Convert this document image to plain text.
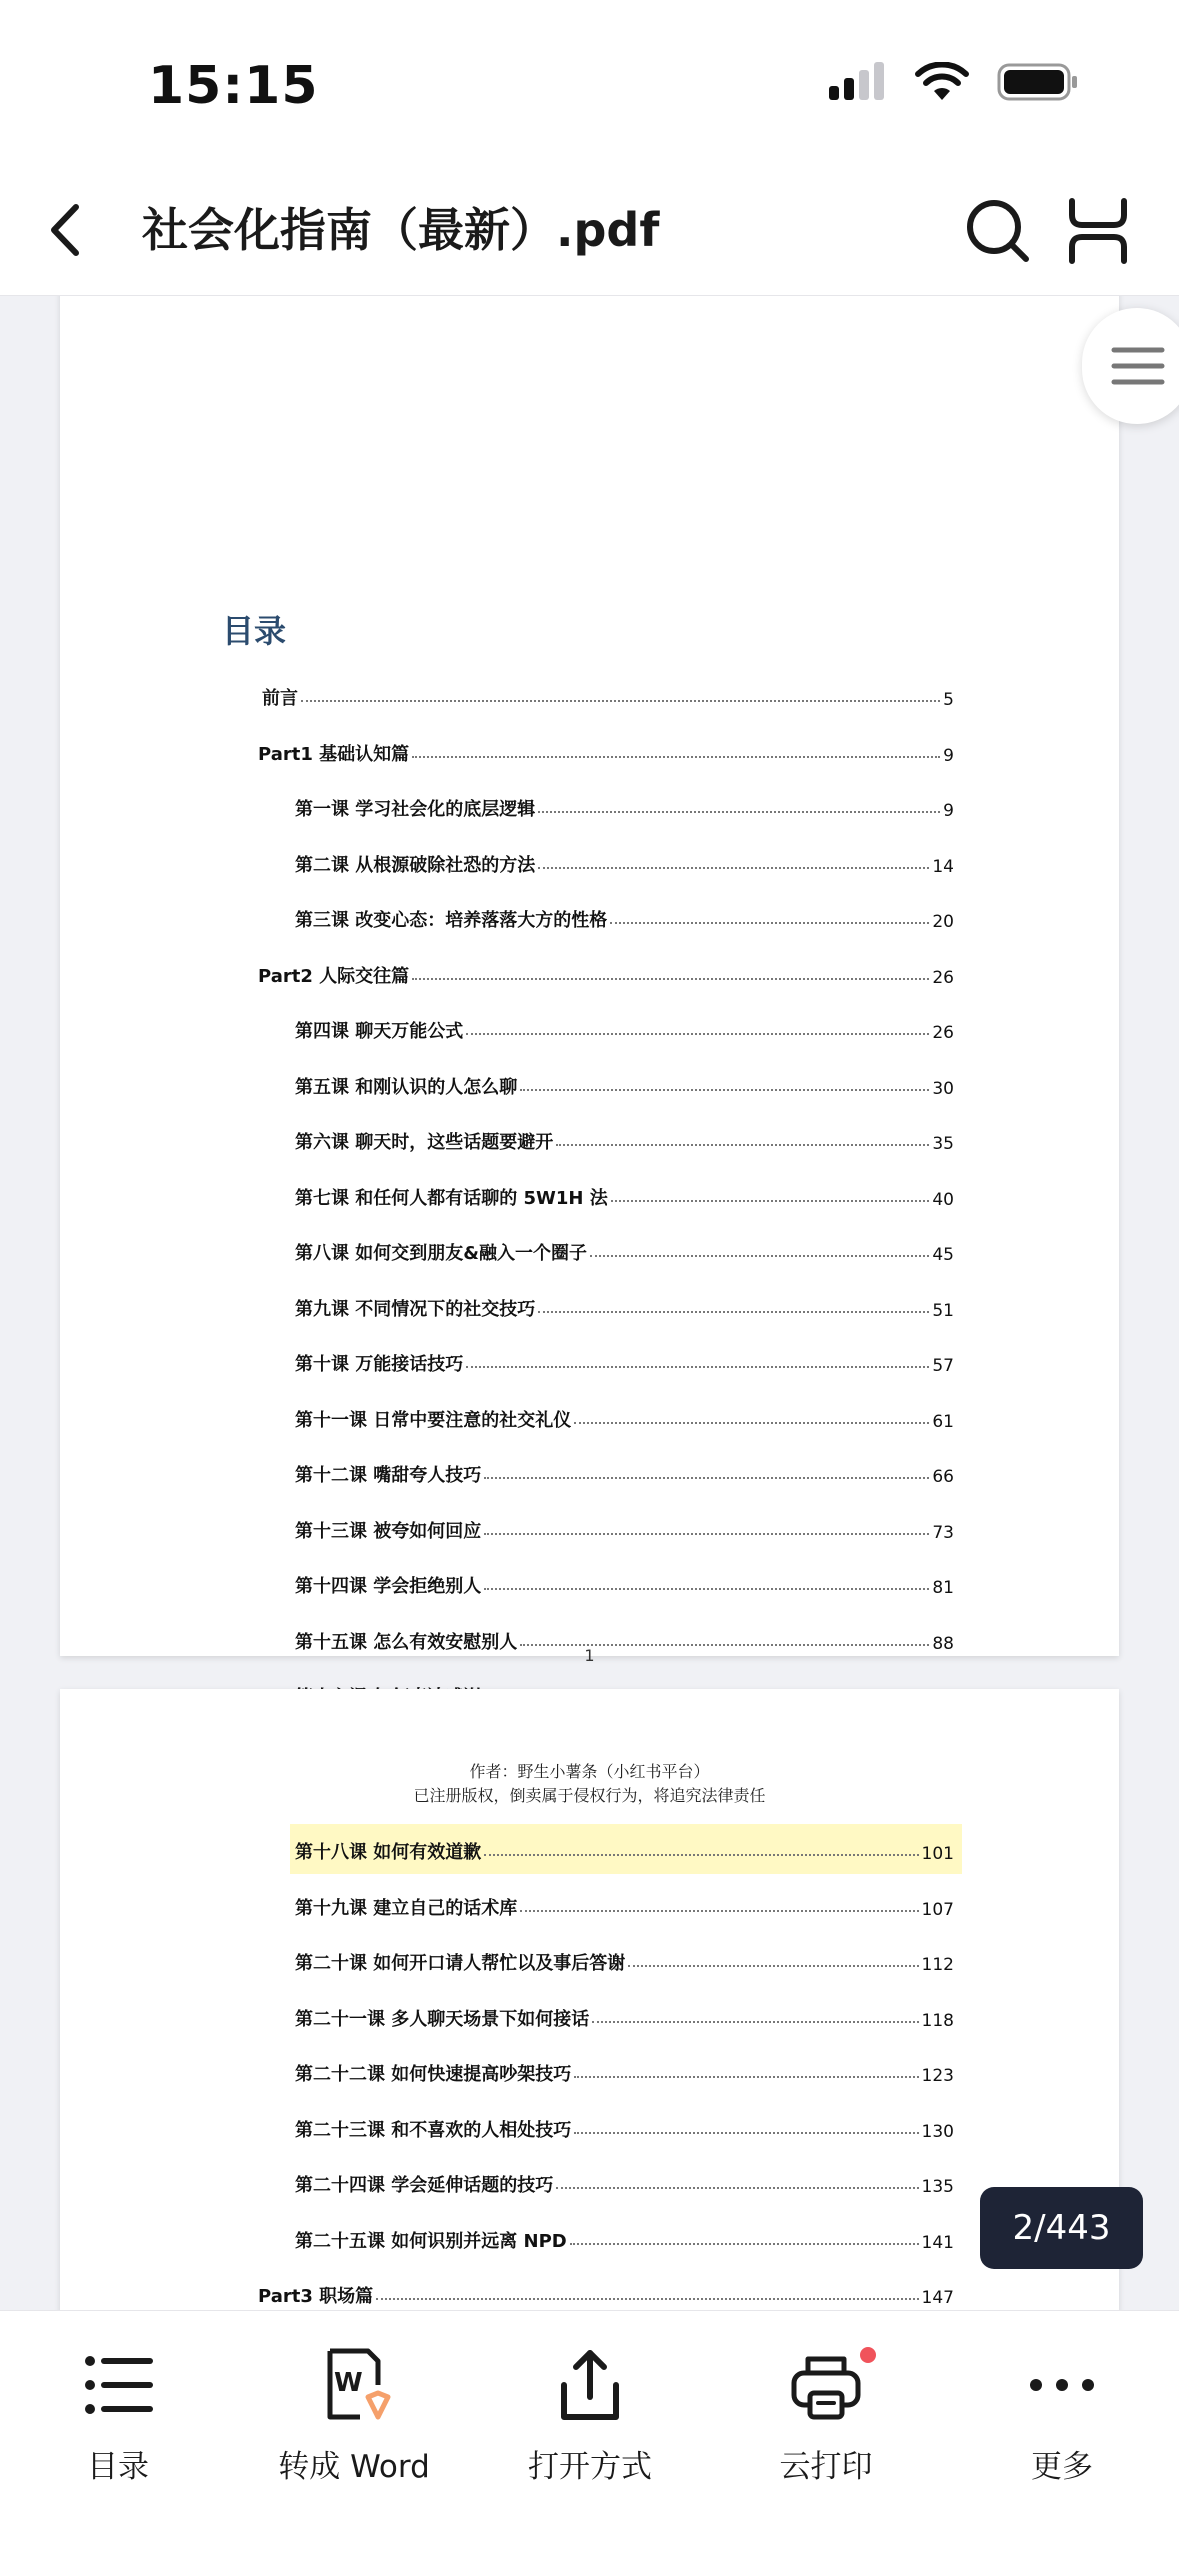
15:15
社会化指南（最新）.pdf
目录
前言	5
Part1 基础认知篇	9
第一课 学习社会化的底层逻辑	9
第二课 从根源破除社恐的方法	14
第三课 改变心态：培养落落大方的性格	20
Part2 人际交往篇	26
第四课 聊天万能公式	26
第五课 和刚认识的人怎么聊	30
第六课 聊天时，这些话题要避开	35
第七课 和任何人都有话聊的 5W1H 法	40
第八课 如何交到朋友&融入一个圈子	45
第九课 不同情况下的社交技巧	51
第十课 万能接话技巧	57
第十一课 日常中要注意的社交礼仪	61
第十二课 嘴甜夸人技巧	66
第十三课 被夸如何回应	73
第十四课 学会拒绝别人	81
第十五课 怎么有效安慰别人	88
1
作者：野生小薯条（小红书平台）
已注册版权，倒卖属于侵权行为，将追究法律责任
第十八课 如何有效道歉	101
第十九课 建立自己的话术库	107
第二十课 如何开口请人帮忙以及事后答谢	112
第二十一课 多人聊天场景下如何接话	118
第二十二课 如何快速提高吵架技巧	123
第二十三课 和不喜欢的人相处技巧	130
第二十四课 学会延伸话题的技巧	135
第二十五课 如何识别并远离 NPD	141
Part3 职场篇	147
2/443
目录
W
转成 Word	打开方式	云打印	更多
